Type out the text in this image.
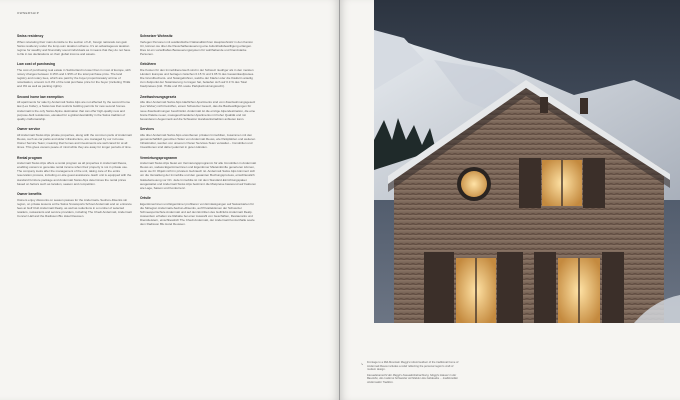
OWNERSHIP
Swiss residency

When relocating their main domicile to the section of Uri, foreign nationals can gain Swiss residency under the lump-sum taxation scheme. It's an advantageous taxation regime for wealthy and financially sound individuals as it means that they do not have to file in tax declarations on their global income and assets.

Low cost of purchasing

The cost of purchasing real estate in Switzerland is lower than in most of Europe, with notary charges between 0.15% and 1.95% of the total purchase price. The land registry and notary fees, which are paid by the buyer proportionately at time of notarisation, amount to 0.3% of the total purchase price for the buyer (including 7F&E and 0% as well as packing rights).

Second home law exemption

All apartments for sale by Andermatt Swiss Alps are not affected by the second home law (Lex Koller), a Swiss law that restricts building permits for new second homes. Andermatt is the only Swiss Alpine destination that can offer high-quality new and purpose-built residences, elevated for a global desirability in the Swiss tradition of quality craftsmanship.

Owner service

All Andermatt Swiss Alps private properties, along with the common parts of Andermatt Reuss, such as car parks and wider infrastructure, are managed by our in-house Owner Service Team; meaning that homes and investments are well cared for at all times. This gives owners peace of mind while they are away for longer periods of time.

Rental program

Andermatt Swiss Alps offers a rental program as all properties in Andermatt Reuss, enabling owners to generate rental income when their property is not in private use. The company looks after the management of the unit, taking care of the entire reservation process, including on-site guest assistance. Each unit is equipped with the standard furniture package and Andermatt Swiss Alps determines the rental prices based on factors such as location, season and competition.

Owner benefits

Owners enjoy discounts on season passes for the Andermatt+ Sedrun+Disentis ski region, on private lessons at the Swiss Snowsports School Andermatt and on entrance fees at Golf Club Andermatt Realp, as well as reductions in a number of selected retailers, restaurants and service providers, including The Chedi Andermatt, Andermatt Concert Hall and the Radisson Blu Hotel Reussen.

Schweizer Wohnsitz

Verlegen Personen mit ausländischer Nationalität ihren Hauptwohnsitz in den Kanton Uri, können sie über die Pauschalbesteuerung eine Aufenthaltsbewilligung erlangen. Dies ist ein vorteilhaftes Besteuerungssystem für wohlhabende und finanzstarke Personen.

Gebühren

Die Kosten für den Immobilienerwerb sind in der Schweiz niedriger als in den meisten Ländern Europas und betragen zwischen 0.15 % und 3.95 % des Gesamtkaufpreises. Die Grundbuchamt- und Notargebühren, welche der Käufer oder die Käuferin anteilig zum Zeitpunkt der Notarisierung zu tragen hat, belaufen sich auf 0.3 % des Total Kaufpreises (inkl. 7F&E und 0% sowie Parkplatznutzungsrecht).

Zweitwohnungsgesetz

Alle über Andermatt Swiss Alps käuflichen Apartments sind vom Zweitwohnungsgesetz (Lex Weber) nicht betroffen, einem Schweizer Gesetz, das die Baubewilligungen für neue Zweitwohnungen beschränkt. Andermatt ist die einzige Alpendestination, die eine breite Palette neuer, massgeschneiderter Apartments mit hoher Qualität und mit besonderem Augenmerk auf die Schweizer Handwerkstradition anbieten kann.

Services

Alle über Andermatt Swiss Alps erworbenen privaten Immobilien, zusammen mit den gemeinschaftlich genutzten Teilen von Andermatt Reuss, wie Parkplätzen und weiteren Infrastruktur, werden von unserem Owner Services-Team verwaltet – Immobilien und Investitionen sind daher jederzeit in guten Händen.

Vermietungsprogramm

Andermatt Swiss Alps bietet ein Vermietungsprogramm für alle Immobilien in Andermatt Reuss an, sodass Eigentümerinnen und Eigentümer Mieteinkünfte generieren können, wenn sie ihr Objekt nicht in privatem Gebrauch ist. Andermatt Swiss Alps kümmert sich um die Verwaltung der Immobilie und den gesamten Buchungsprozess, einschliesslich Gästebetreuung vor Ort. Jede Immobilie ist mit dem Standard-Einrichtungspaket ausgestattet und Andermatt Swiss Alps bestimmt die Mietpreise basierend auf Faktoren wie Lage, Saison und Konkurrenz.

Ortsile

Eigentümerinnen und Eigentümer profitieren von Ermässigungen auf Saisonkarten für die Skiregion Andermatt+Sedrun+Disentis, auf Privatlektionen der Schweizer Schneesportschule Andermatt und auf den Eintritten des Golfclubs Andermatt Realp. Ausserdem erhalten sie Rabatte bei einer Auswahl von Geschäften, Restaurants und Dienstleistern, einschliesslich The Chedi Andermatt, der Andermatt Konzerthalle sowie dem Radisson Blu Hotel Reussen.

↳ Frontage to a Mid-Mountain Meggi's indoor/outdoor of the traditional home of Andermatt Reuss includes a relief reflecting the personal region's craft of modern design.

Fassadenansicht der Meggi's Fassadenbetrachtung. Meggi's Häuser in der Baureihe, die moderne Schweizer Architektur des Gebäudes ... traditionellen Andermatter Tradition.
